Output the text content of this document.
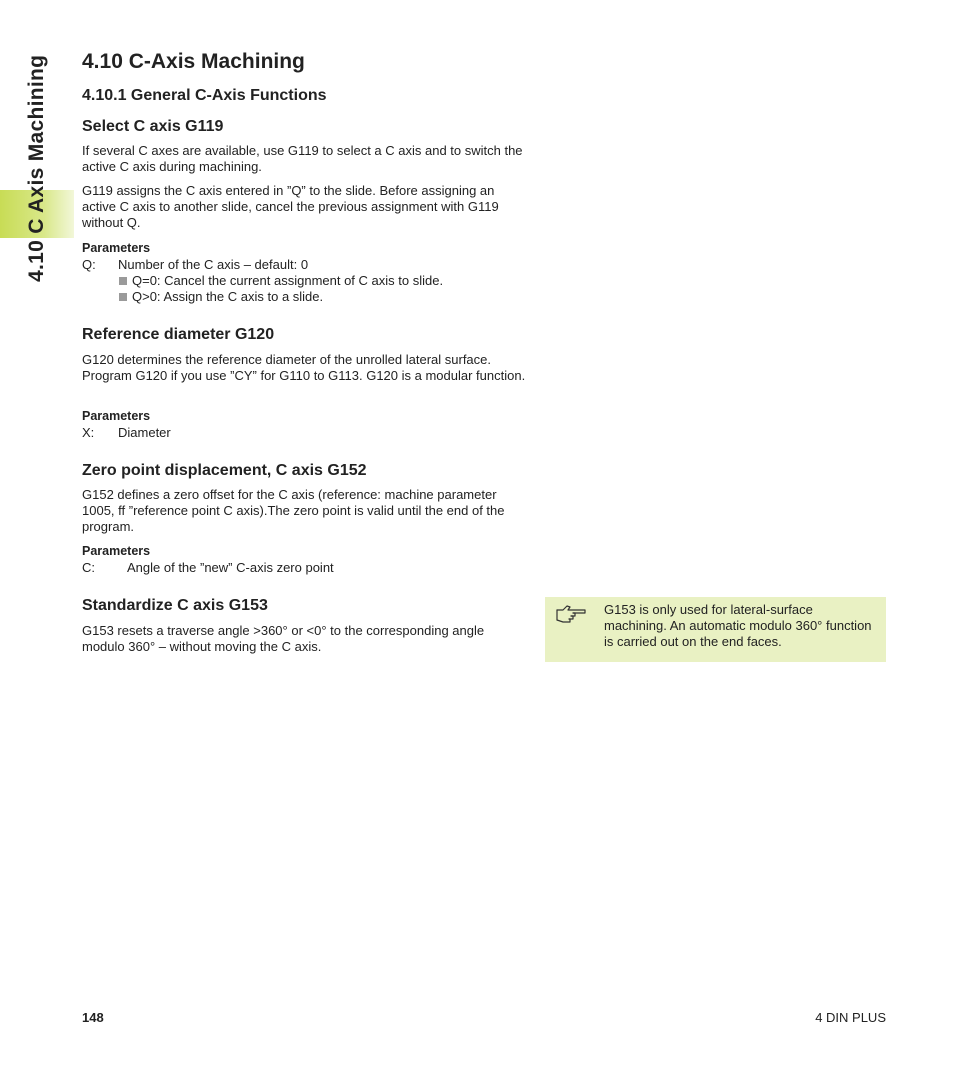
4.10 C Axis Machining 4.10 C-Axis Machining
4.10.1 General C-Axis Functions
Select C axis G119
If several C axes are available, use G119 to select a C axis and to switch the active C axis during machining.
G119 assigns the C axis entered in ”Q” to the slide. Before assigning an active C axis to another slide, cancel the previous assignment with G119 without Q.
Parameters
Q: Number of the C axis – default: 0
Q=0: Cancel the current assignment of C axis to slide.
Q>0: Assign the C axis to a slide.
Reference diameter G120
G120 determines the reference diameter of the unrolled lateral surface. Program G120 if you use ”CY” for G110 to G113. G120 is a modular function.
Parameters
X: Diameter
Zero point displacement, C axis G152
G152 defines a zero offset for the C axis (reference: machine parameter 1005, ff ”reference point C axis).The zero point is valid until the end of the program.
Parameters
C: Angle of the ”new” C-axis zero point
Standardize C axis G153
G153 resets a traverse angle >360° or <0° to the corresponding angle modulo 360° – without moving the C axis.
G153 is only used for lateral-surface machining. An automatic modulo 360° function is carried out on the end faces.
148	4 DIN PLUS
